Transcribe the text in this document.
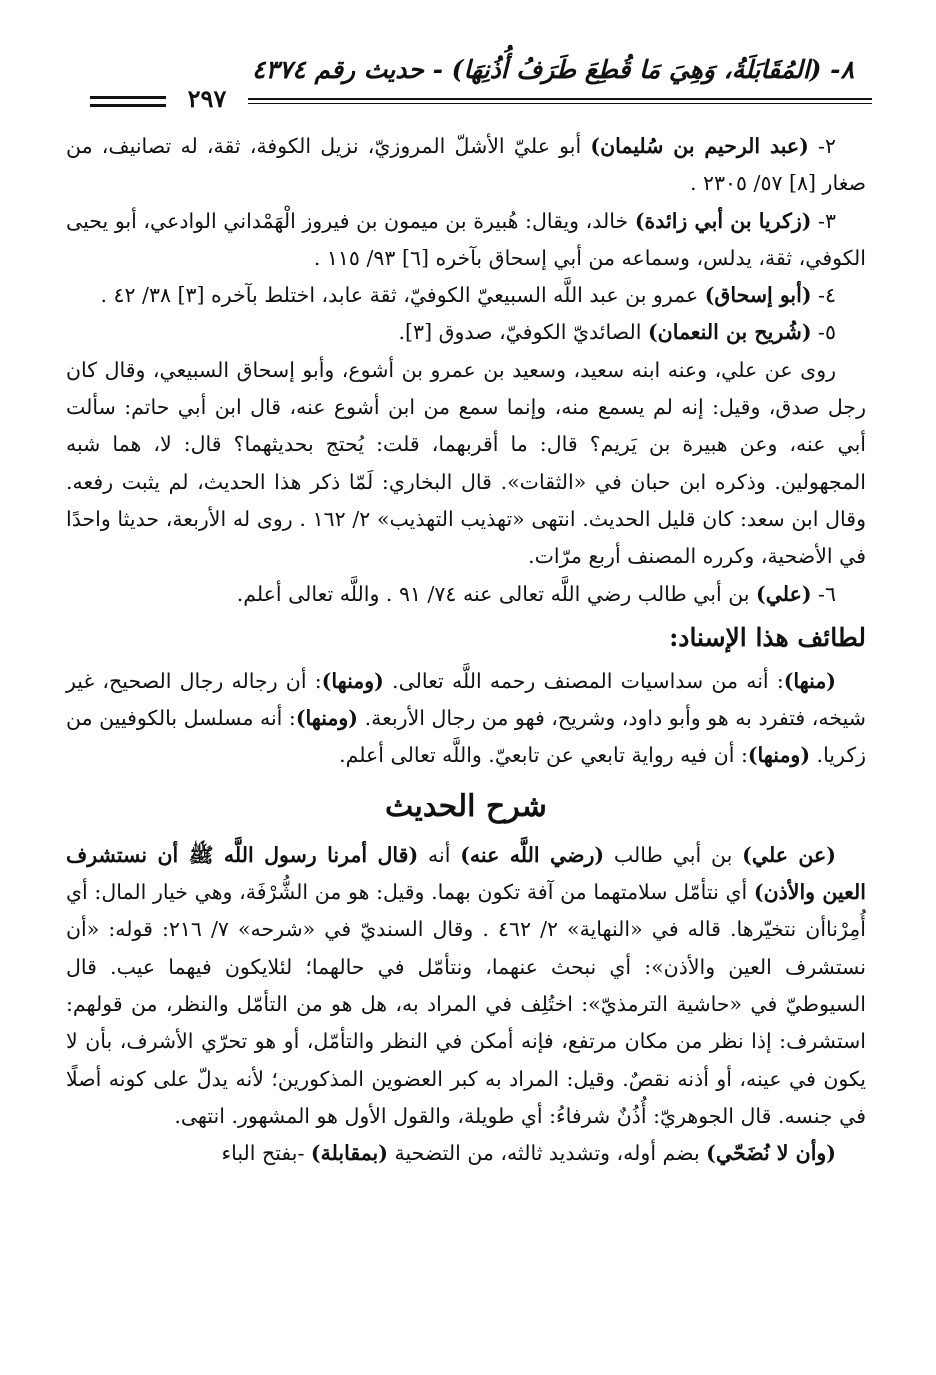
٨- (المُقَابَلَةُ، وَهِيَ مَا قُطِعَ طَرَفُ أُذُنِهَا) - حديث رقم ٤٣٧٤
٢٩٧

٢- (عبد الرحيم بن سُليمان) أبو عليّ الأشلّ المروزيّ، نزيل الكوفة، ثقة، له تصانيف، من صغار [٨] ٥٧/ ٢٣٠٥ .

٣- (زكريا بن أبي زائدة) خالد، ويقال: هُبيرة بن ميمون بن فيروز الْهَمْداني الوادعي، أبو يحيى الكوفي، ثقة، يدلس، وسماعه من أبي إسحاق بآخره [٦] ٩٣/ ١١٥ .

٤- (أبو إسحاق) عمرو بن عبد اللَّه السبيعيّ الكوفيّ، ثقة عابد، اختلط بآخره [٣] ٣٨/ ٤٢ .

٥- (شُريح بن النعمان) الصائديّ الكوفيّ، صدوق [٣].

روى عن علي، وعنه ابنه سعيد، وسعيد بن عمرو بن أشوع، وأبو إسحاق السبيعي، وقال كان رجل صدق، وقيل: إنه لم يسمع منه، وإنما سمع من ابن أشوع عنه، قال ابن أبي حاتم: سألت أبي عنه، وعن هبيرة بن يَريم؟ قال: ما أقربهما، قلت: يُحتج بحديثهما؟ قال: لا، هما شبه المجهولين. وذكره ابن حبان في «الثقات». قال البخاري: لَمّا ذكر هذا الحديث، لم يثبت رفعه. وقال ابن سعد: كان قليل الحديث. انتهى «تهذيب التهذيب» ٢/ ١٦٢ . روى له الأربعة، حديثا واحدًا في الأضحية، وكرره المصنف أربع مرّات.

٦- (علي) بن أبي طالب رضي اللَّه تعالى عنه ٧٤/ ٩١ . واللَّه تعالى أعلم.

لطائف هذا الإسناد:

(منها): أنه من سداسيات المصنف رحمه اللَّه تعالى. (ومنها): أن رجاله رجال الصحيح، غير شيخه، فتفرد به هو وأبو داود، وشريح، فهو من رجال الأربعة. (ومنها): أنه مسلسل بالكوفيين من زكريا. (ومنها): أن فيه رواية تابعي عن تابعيّ. واللَّه تعالى أعلم.

شرح الحديث

(عن علي) بن أبي طالب (رضي اللَّه عنه) أنه (قال أمرنا رسول اللَّه ﷺ أن نستشرف العين والأذن) أي نتأمّل سلامتهما من آفة تكون بهما. وقيل: هو من الشُّرْفَة، وهي خيار المال: أي أُمِرْناأن نتخيّرها. قاله في «النهاية» ٢/ ٤٦٢ . وقال السنديّ في «شرحه» ٧/ ٢١٦: قوله: «أن نستشرف العين والأذن»: أي نبحث عنهما، ونتأمّل في حالهما؛ لئلايكون فيهما عيب. قال السيوطيّ في «حاشية الترمذيّ»: اختُلِف في المراد به، هل هو من التأمّل والنظر، من قولهم: استشرف: إذا نظر من مكان مرتفع، فإنه أمكن في النظر والتأمّل، أو هو تحرّي الأشرف، بأن لا يكون في عينه، أو أذنه نقصٌ. وقيل: المراد به كبر العضوين المذكورين؛ لأنه يدلّ على كونه أصلًا في جنسه. قال الجوهريّ: أُذُنٌ شرفاءُ: أي طويلة، والقول الأول هو المشهور. انتهى.

(وأن لا نُضَحّي) بضم أوله، وتشديد ثالثه، من التضحية (بمقابلة) -بفتح الباء
